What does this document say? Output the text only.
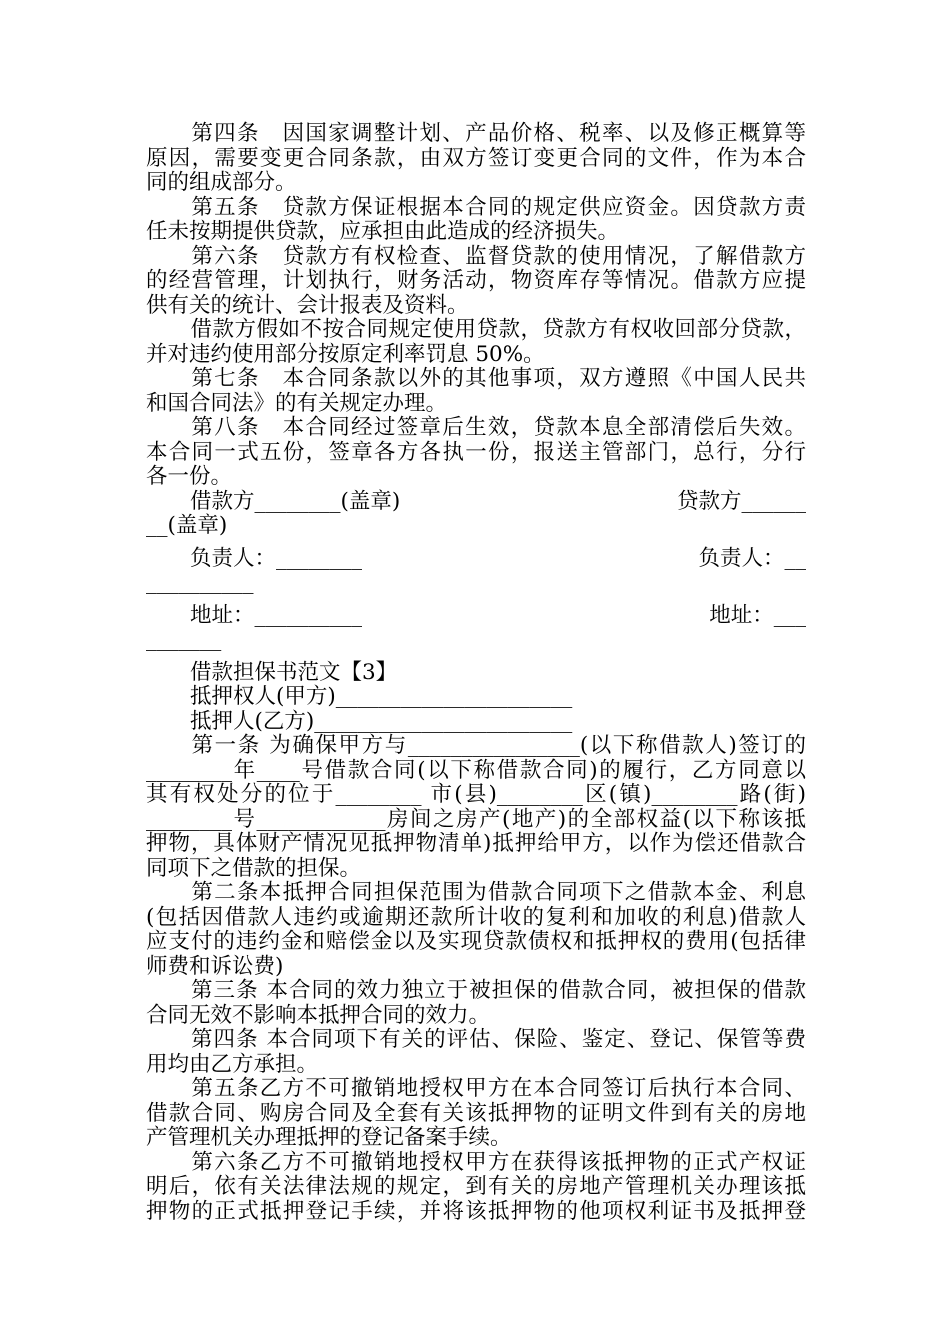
第四条　因国家调整计划、产品价格、税率、以及修正概算等
原因，需要变更合同条款，由双方签订变更合同的文件，作为本合
同的组成部分。
第五条　贷款方保证根据本合同的规定供应资金。因贷款方责
任未按期提供贷款，应承担由此造成的经济损失。
第六条　贷款方有权检查、监督贷款的使用情况，了解借款方
的经营管理，计划执行，财务活动，物资库存等情况。借款方应提
供有关的统计、会计报表及资料。
借款方假如不按合同规定使用贷款，贷款方有权收回部分贷款，
并对违约使用部分按原定利率罚息 50%。
第七条　本合同条款以外的其他事项，双方遵照《中国人民共
和国合同法》的有关规定办理。
第八条　本合同经过签章后生效，贷款本息全部清偿后失效。
本合同一式五份，签章各方各执一份，报送主管部门，总行，分行
各一份。
借款方________(盖章)	贷款方______
__(盖章)
负责人：________	负责人：__
__________
地址：__________	地址：___
_______
借款担保书范文【3】
抵押权人(甲方)______________________
抵押人(乙方)________________________
第一条 为确保甲方与________________(以下称借款人)签订的
________年____号借款合同(以下称借款合同)的履行，乙方同意以
其有权处分的位于________ 市(县)________区(镇)________路(街)
________号____________房间之房产(地产)的全部权益(以下称该抵
押物，具体财产情况见抵押物清单)抵押给甲方，以作为偿还借款合
同项下之借款的担保。
第二条本抵押合同担保范围为借款合同项下之借款本金、利息
(包括因借款人违约或逾期还款所计收的复利和加收的利息)借款人
应支付的违约金和赔偿金以及实现贷款债权和抵押权的费用(包括律
师费和诉讼费)
第三条 本合同的效力独立于被担保的借款合同，被担保的借款
合同无效不影响本抵押合同的效力。
第四条 本合同项下有关的评估、保险、鉴定、登记、保管等费
用均由乙方承担。
第五条乙方不可撤销地授权甲方在本合同签订后执行本合同、
借款合同、购房合同及全套有关该抵押物的证明文件到有关的房地
产管理机关办理抵押的登记备案手续。
第六条乙方不可撤销地授权甲方在获得该抵押物的正式产权证
明后，依有关法律法规的规定，到有关的房地产管理机关办理该抵
押物的正式抵押登记手续，并将该抵押物的他项权利证书及抵押登
